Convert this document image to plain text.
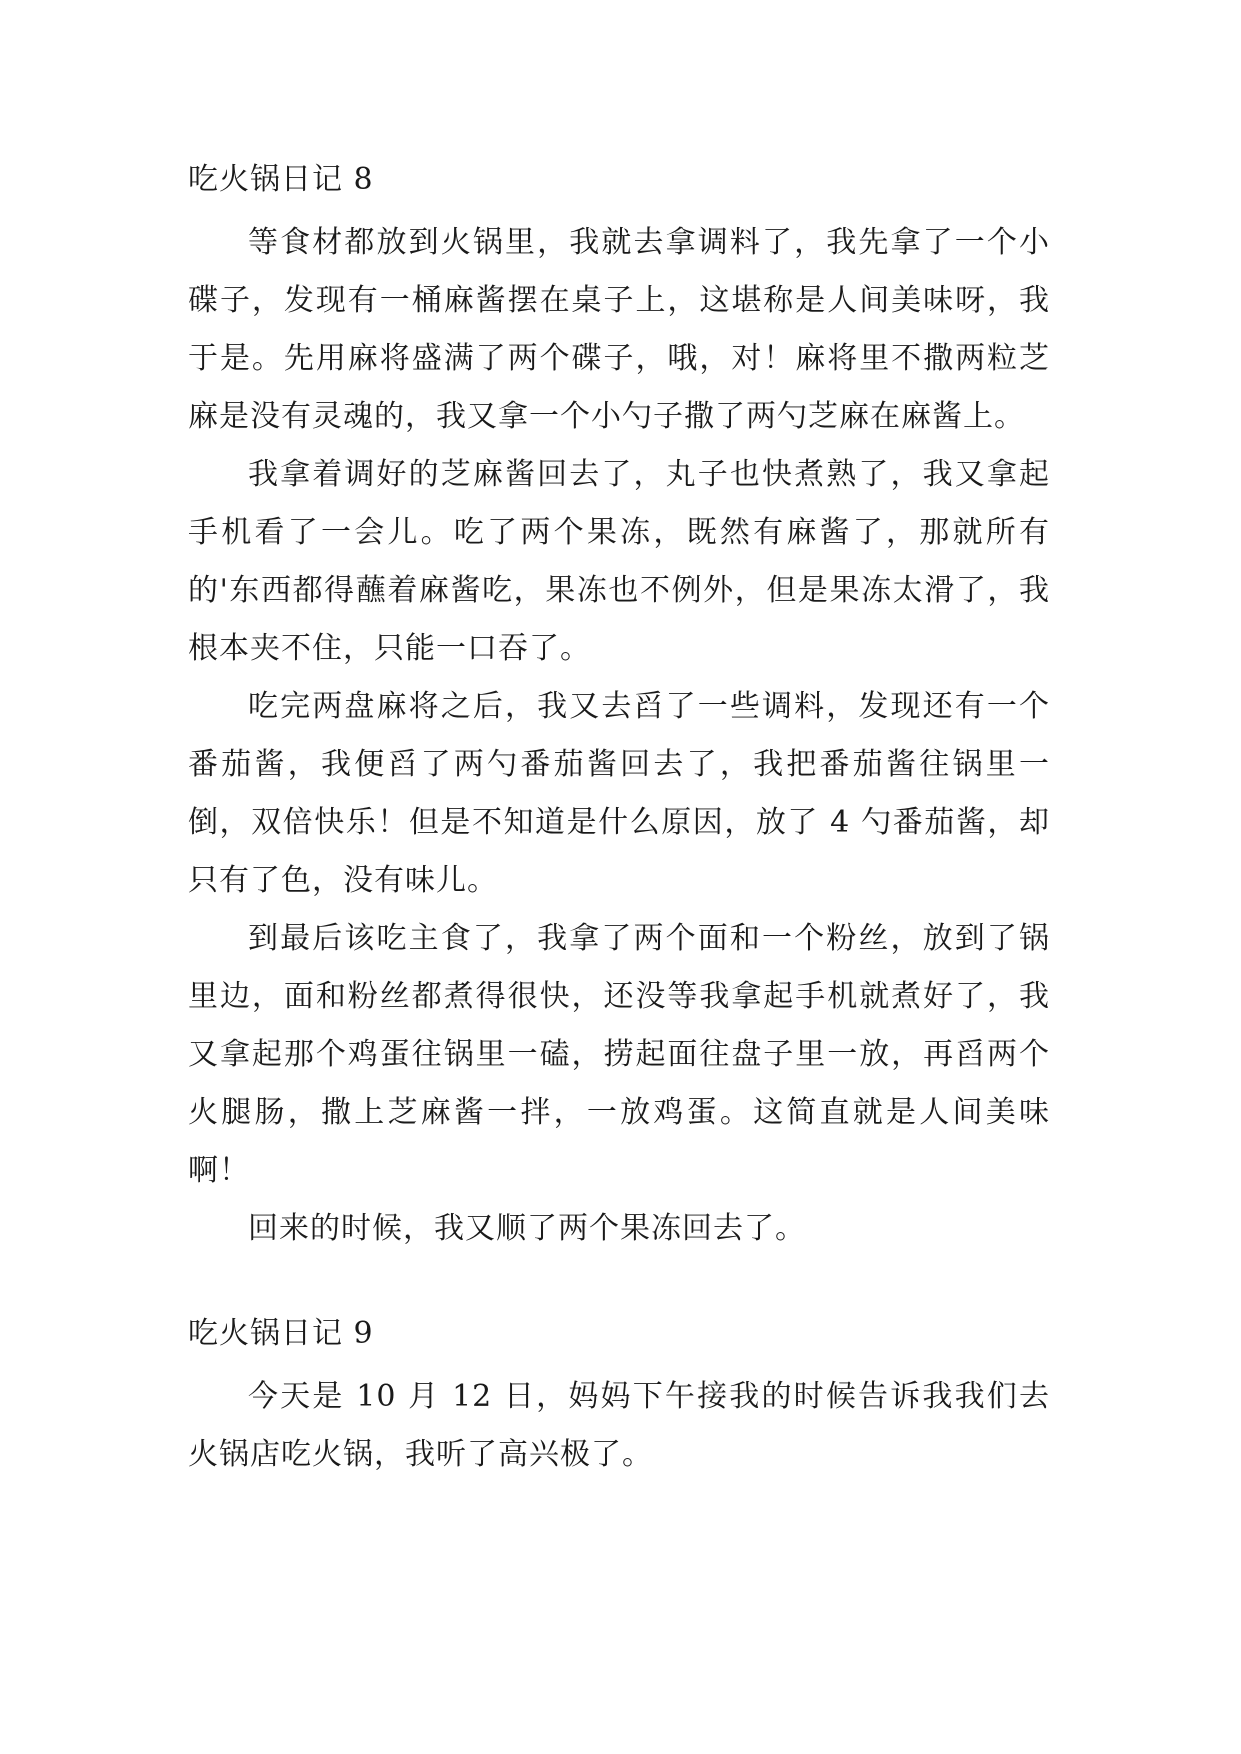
吃火锅日记 8

等食材都放到火锅里，我就去拿调料了，我先拿了一个小碟子，发现有一桶麻酱摆在桌子上，这堪称是人间美味呀，我于是。先用麻将盛满了两个碟子，哦，对！麻将里不撒两粒芝麻是没有灵魂的，我又拿一个小勺子撒了两勺芝麻在麻酱上。

我拿着调好的芝麻酱回去了，丸子也快煮熟了，我又拿起手机看了一会儿。吃了两个果冻，既然有麻酱了，那就所有的'东西都得蘸着麻酱吃，果冻也不例外，但是果冻太滑了，我根本夹不住，只能一口吞了。

吃完两盘麻将之后，我又去舀了一些调料，发现还有一个番茄酱，我便舀了两勺番茄酱回去了，我把番茄酱往锅里一倒，双倍快乐！但是不知道是什么原因，放了 4 勺番茄酱，却只有了色，没有味儿。

到最后该吃主食了，我拿了两个面和一个粉丝，放到了锅里边，面和粉丝都煮得很快，还没等我拿起手机就煮好了，我又拿起那个鸡蛋往锅里一磕，捞起面往盘子里一放，再舀两个火腿肠，撒上芝麻酱一拌，一放鸡蛋。这简直就是人间美味啊！

回来的时候，我又顺了两个果冻回去了。

吃火锅日记 9

今天是 10 月 12 日，妈妈下午接我的时候告诉我我们去火锅店吃火锅，我听了高兴极了。
